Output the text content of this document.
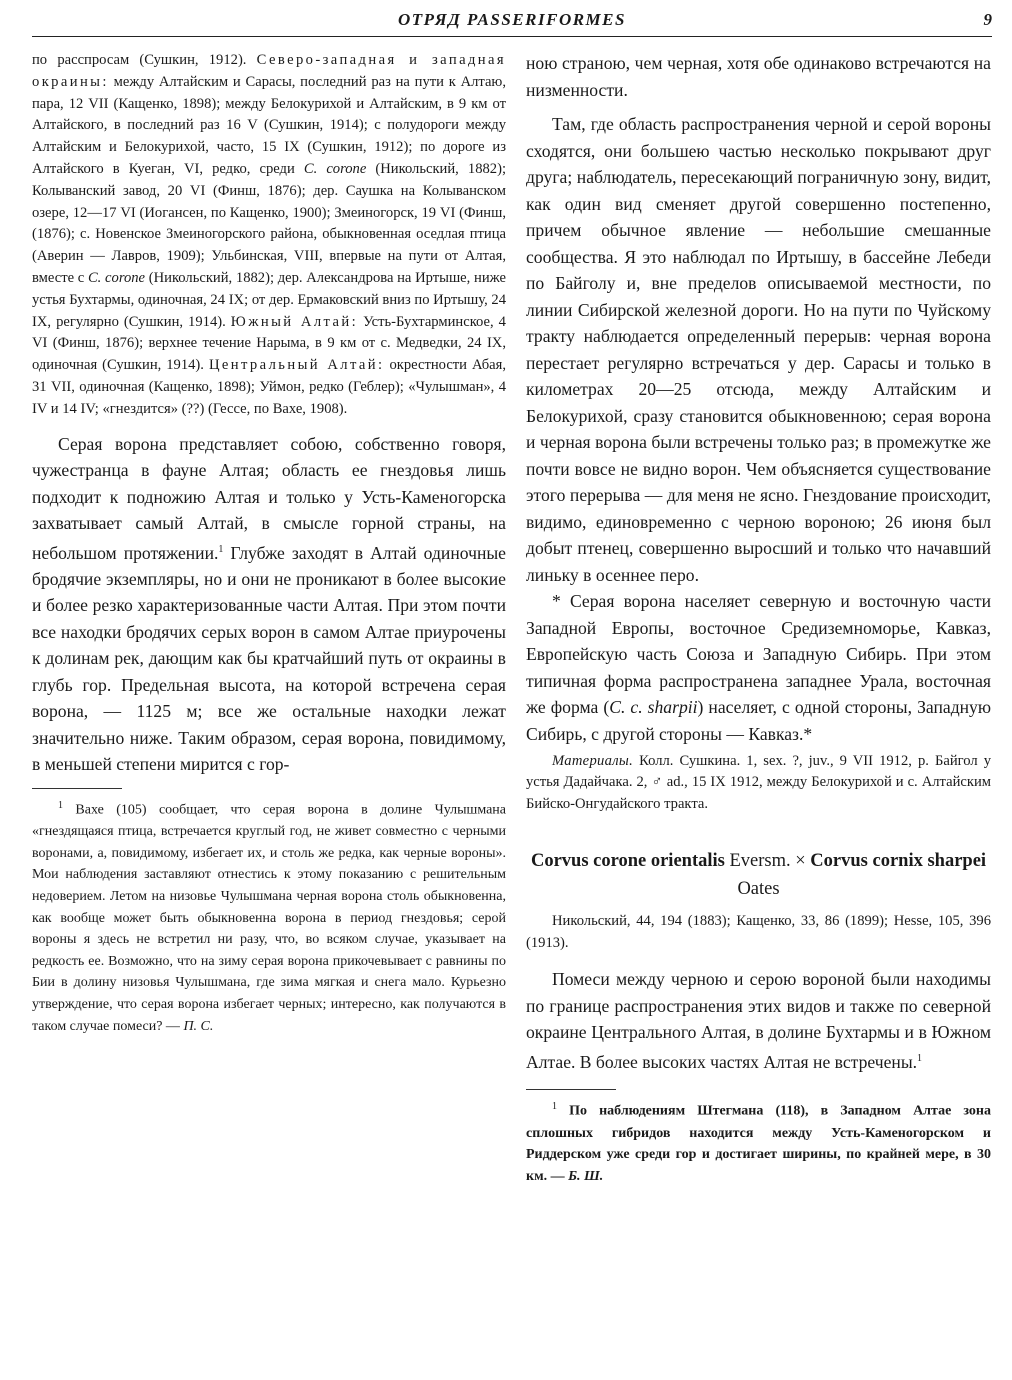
ОТРЯД PASSERIFORMES	9

по расспросам (Сушкин, 1912). Северо-западная и западная окраины: между Алтайским и Сарасы, последний раз на пути к Алтаю, пара, 12 VII (Кащенко, 1898); между Белокурихой и Алтайским, в 9 км от Алтайского, в последний раз 16 V (Сушкин, 1914); с полудороги между Алтайским и Белокурихой, часто, 15 IX (Сушкин, 1912); по дороге из Алтайского в Куеган, VI, редко, среди C. corone (Никольский, 1882); Колыванский завод, 20 VI (Финш, 1876); дер. Саушка на Колыванском озере, 12—17 VI (Иогансен, по Кащенко, 1900); Змеиногорск, 19 VI (Финш, (1876); с. Новенское Змеиногорского района, обыкновенная оседлая птица (Аверин — Лавров, 1909); Ульбинская, VIII, впервые на пути от Алтая, вместе с C. corone (Никольский, 1882); дер. Александрова на Иртыше, ниже устья Бухтармы, одиночная, 24 IX; от дер. Ермаковский вниз по Иртышу, 24 IX, регулярно (Сушкин, 1914). Южный Алтай: Усть-Бухтарминское, 4 VI (Финш, 1876); верхнее течение Нарыма, в 9 км от с. Медведки, 24 IX, одиночная (Сушкин, 1914). Центральный Алтай: окрестности Абая, 31 VII, одиночная (Кащенко, 1898); Уймон, редко (Геблер); «Чулышман», 4 IV и 14 IV; «гнездится» (??) (Гессе, по Вахе, 1908).

Серая ворона представляет собою, собственно говоря, чужестранца в фауне Алтая; область ее гнездовья лишь подходит к подножию Алтая и только у Усть-Каменогорска захватывает самый Алтай, в смысле горной страны, на небольшом протяжении.$^1$ Глубже заходят в Алтай одиночные бродячие экземпляры, но и они не проникают в более высокие и более резко характеризованные части Алтая. При этом почти все находки бродячих серых ворон в самом Алтае приурочены к долинам рек, дающим как бы кратчайший путь от окраины в глубь гор. Предельная высота, на которой встречена серая ворона, — 1125 м; все же остальные находки лежат значительно ниже. Таким образом, серая ворона, повидимому, в меньшей степени мирится с гор-

$^1$ Вахе (105) сообщает, что серая ворона в долине Чулышмана «гнездящаяся птица, встречается круглый год, не живет совместно с черными воронами, а, повидимому, избегает их, и столь же редка, как черные вороны». Мои наблюдения заставляют отнестись к этому показанию с решительным недоверием. Летом на низовье Чулышмана черная ворона столь обыкновенна, как вообще может быть обыкновенна ворона в период гнездовья; серой вороны я здесь не встретил ни разу, что, во всяком случае, указывает на редкость ее. Возможно, что на зиму серая ворона прикочевывает с равнины по Бии в долину низовья Чулышмана, где зима мягкая и снега мало. Курьезно утверждение, что серая ворона избегает черных; интересно, как получаются в таком случае помеси? — П. С.

ною страною, чем черная, хотя обе одинаково встречаются на низменности.

Там, где область распространения черной и серой вороны сходятся, они большею частью несколько покрывают друг друга; наблюдатель, пересекающий пограничную зону, видит, как один вид сменяет другой совершенно постепенно, причем обычное явление — небольшие смешанные сообщества. Я это наблюдал по Иртышу, в бассейне Лебеди по Байголу и, вне пределов описываемой местности, по линии Сибирской железной дороги. Но на пути по Чуйскому тракту наблюдается определенный перерыв: черная ворона перестает регулярно встречаться у дер. Сарасы и только в километрах 20—25 отсюда, между Алтайским и Белокурихой, сразу становится обыкновенною; серая ворона и черная ворона были встречены только раз; в промежутке же почти вовсе не видно ворон. Чем объясняется существование этого перерыва — для меня не ясно. Гнездование происходит, видимо, единовременно с черною вороною; 26 июня был добыт птенец, совершенно выросший и только что начавший линьку в осеннее перо.

* Серая ворона населяет северную и восточную части Западной Европы, восточное Средиземноморье, Кавказ, Европейскую часть Союза и Западную Сибирь. При этом типичная форма распространена западнее Урала, восточная же форма (C. c. sharpii) населяет, с одной стороны, Западную Сибирь, с другой стороны — Кавказ.*

Материалы. Колл. Сушкина. 1, sex. ?, juv., 9 VII 1912, р. Байгол у устья Дадайчака. 2, ♂ ad., 15 IX 1912, между Белокурихой и с. Алтайским Бийско-Онгудайского тракта.

Corvus corone orientalis Eversm. × Corvus cornix sharpei Oates

Никольский, 44, 194 (1883); Кащенко, 33, 86 (1899); Hesse, 105, 396 (1913).

Помеси между черною и серою вороной были находимы по границе распространения этих видов и также по северной окраине Центрального Алтая, в долине Бухтармы и в Южном Алтае. В более высоких частях Алтая не встречены.$^1$

$^1$ По наблюдениям Штегмана (118), в Западном Алтае зона сплошных гибридов находится между Усть-Каменогорском и Риддерском уже среди гор и достигает ширины, по крайней мере, в 30 км. — Б. Ш.
